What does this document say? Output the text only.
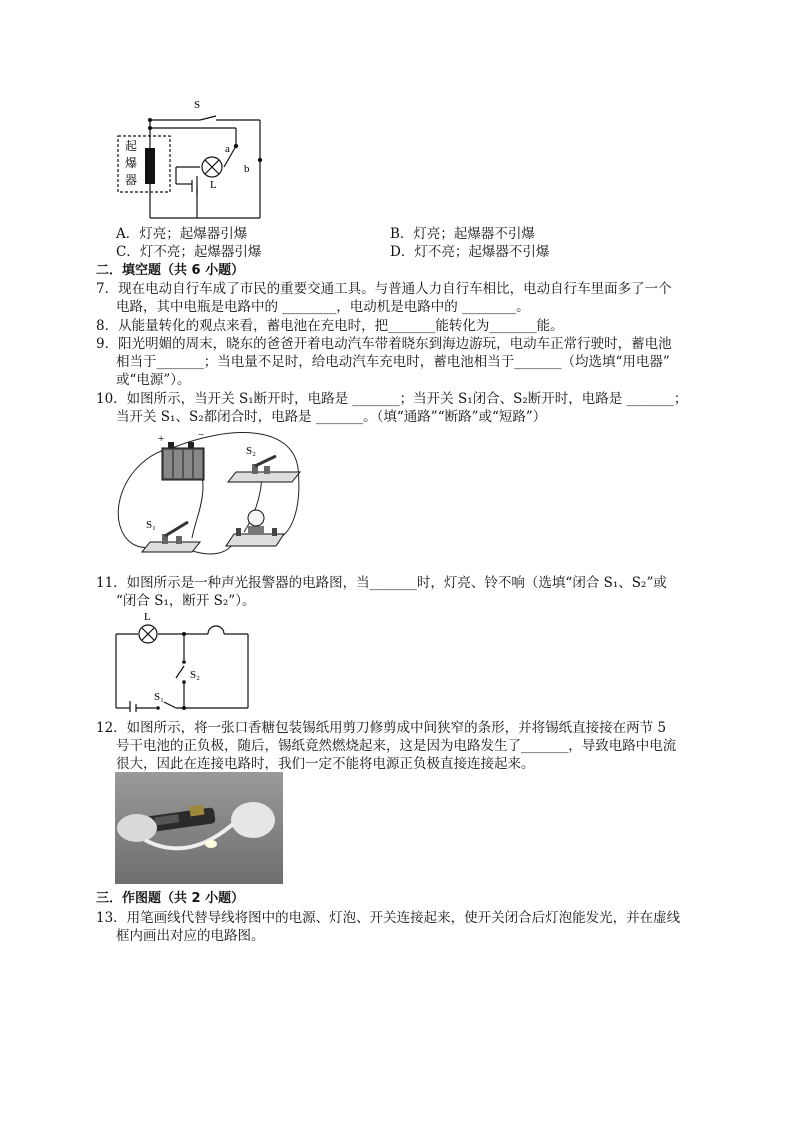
S
a
b
L
起
爆
器
A．灯亮；起爆器引爆	B．灯亮；起爆器不引爆
C．灯不亮；起爆器引爆	D．灯不亮；起爆器不引爆
二．填空题（共 6 小题）
7．现在电动自行车成了市民的重要交通工具。与普通人力自行车相比，电动自行车里面多了一个
电路，其中电瓶是电路中的 ________，电动机是电路中的 ________。
8．从能量转化的观点来看，蓄电池在充电时，把_______能转化为_______能。
9．阳光明媚的周末，晓东的爸爸开着电动汽车带着晓东到海边游玩，电动车正常行驶时，蓄电池
相当于_______；当电量不足时，给电动汽车充电时，蓄电池相当于_______（均选填“用电器”
或“电源”）。
10．如图所示，当开关 S₁断开时，电路是 _______；当开关 S₁闭合、S₂断开时，电路是 _______；
当开关 S₁、S₂都闭合时，电路是 _______。（填“通路”“断路”或“短路”）
+	−
S₂
S₁
11．如图所示是一种声光报警器的电路图，当_______时，灯亮、铃不响（选填“闭合 S₁、S₂”或
“闭合 S₁，断开 S₂”）。
L
S₁
S₂
12．如图所示，将一张口香糖包装锡纸用剪刀修剪成中间狭窄的条形，并将锡纸直接接在两节 5
号干电池的正负极，随后，锡纸竟然燃烧起来，这是因为电路发生了_______，导致电路中电流
很大，因此在连接电路时，我们一定不能将电源正负极直接连接起来。
三．作图题（共 2 小题）
13．用笔画线代替导线将图中的电源、灯泡、开关连接起来，使开关闭合后灯泡能发光，并在虚线
框内画出对应的电路图。
